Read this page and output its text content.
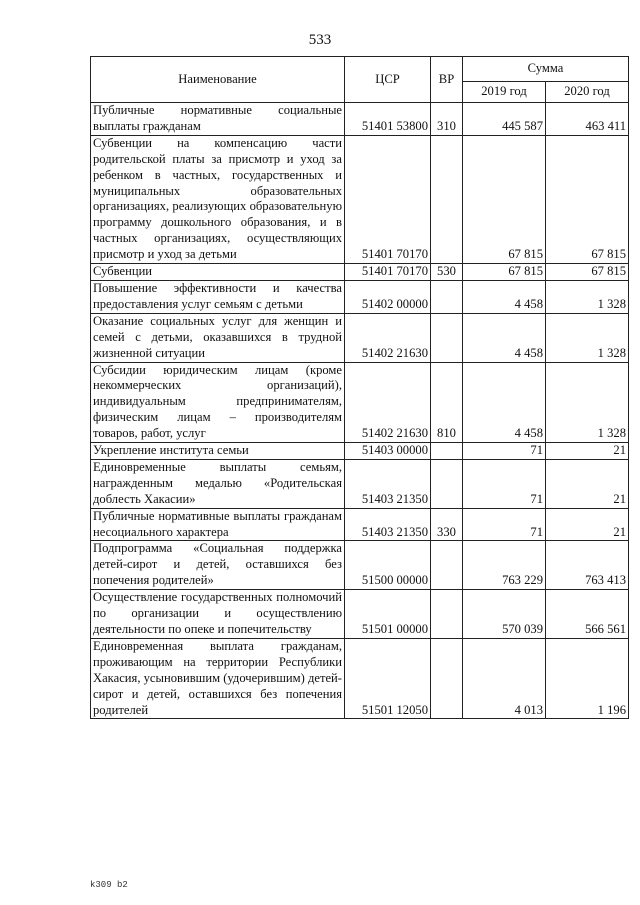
533
Наименование	ЦСР	ВР	Сумма	
			2019 год	2020 год
Публичные нормативные социальные выплаты гражданам	51401 53800	310	445 587	463 411
Субвенции на компенсацию части родительской платы за присмотр и уход за ребенком в частных, государственных и муниципальных образовательных организациях, реализующих образовательную программу дошкольного образования, и в частных организациях, осуществляющих присмотр и уход за детьми	51401 70170		67 815	67 815
Субвенции	51401 70170	530	67 815	67 815
Повышение эффективности и качества предоставления услуг семьям с детьми	51402 00000		4 458	1 328
Оказание социальных услуг для женщин и семей с детьми, оказавшихся в трудной жизненной ситуации	51402 21630		4 458	1 328
Субсидии юридическим лицам (кроме некоммерческих организаций), индивидуальным предпринимателям, физическим лицам – производителям товаров, работ, услуг	51402 21630	810	4 458	1 328
Укрепление института семьи	51403 00000		71	21
Единовременные выплаты семьям, награжденным медалью «Родительская доблесть Хакасии»	51403 21350		71	21
Публичные нормативные выплаты гражданам несоциального характера	51403 21350	330	71	21
Подпрограмма «Социальная поддержка детей-сирот и детей, оставшихся без попечения родителей»	51500 00000		763 229	763 413
Осуществление государственных полномочий по организации и осуществлению деятельности по опеке и попечительству	51501 00000		570 039	566 561
Единовременная выплата гражданам, проживающим на территории Республики Хакасия, усыновившим (удочерившим) детей-сирот и детей, оставшихся без попечения родителей	51501 12050		4 013	1 196
k309 b2
